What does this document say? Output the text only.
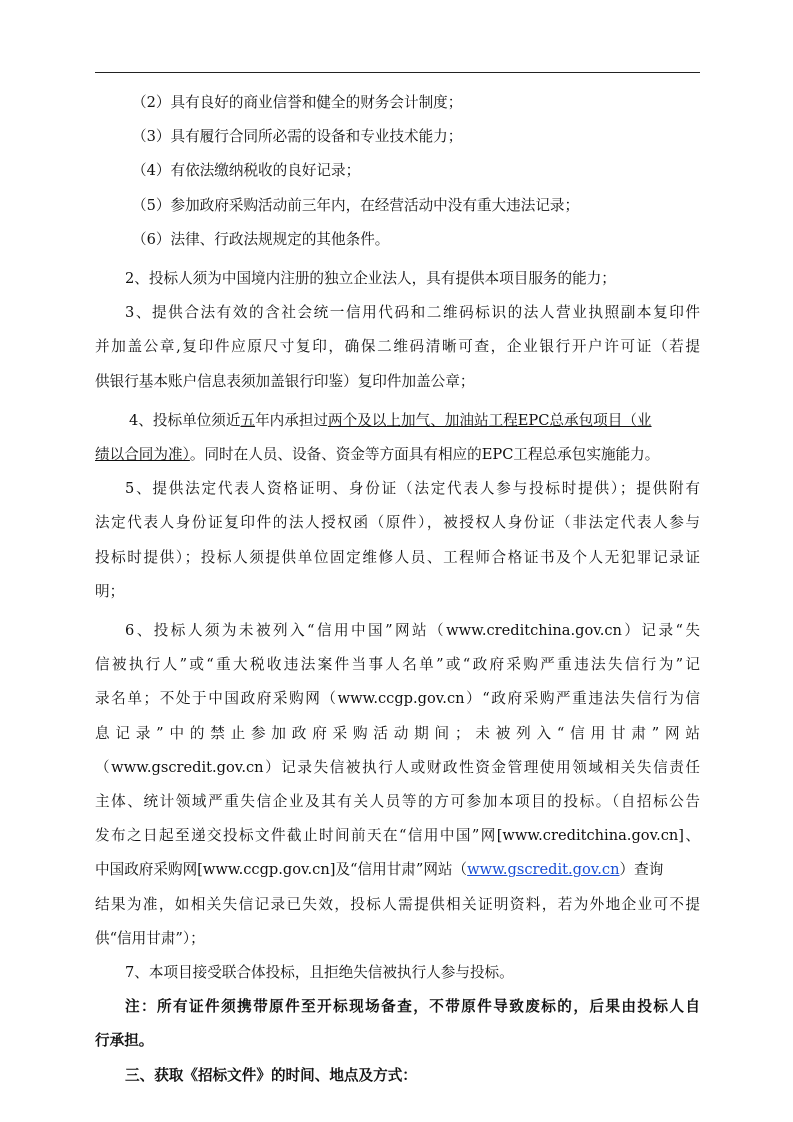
（2）具有良好的商业信誉和健全的财务会计制度；
（3）具有履行合同所必需的设备和专业技术能力；
（4）有依法缴纳税收的良好记录；
（5）参加政府采购活动前三年内，在经营活动中没有重大违法记录；
（6）法律、行政法规规定的其他条件。
2、投标人须为中国境内注册的独立企业法人，具有提供本项目服务的能力；
3、提供合法有效的含社会统一信用代码和二维码标识的法人营业执照副本复印件
并加盖公章,复印件应原尺寸复印，确保二维码清晰可查，企业银行开户许可证（若提
供银行基本账户信息表须加盖银行印鉴）复印件加盖公章；
4、投标单位须近五年内承担过两个及以上加气、加油站工程EPC总承包项目（业
绩以合同为准）。同时在人员、设备、资金等方面具有相应的EPC工程总承包实施能力。
5、提供法定代表人资格证明、身份证（法定代表人参与投标时提供）；提供附有
法定代表人身份证复印件的法人授权函（原件），被授权人身份证（非法定代表人参与
投标时提供）；投标人须提供单位固定维修人员、工程师合格证书及个人无犯罪记录证
明；
6、投标人须为未被列入“信用中国”网站（www.creditchina.gov.cn）记录“失
信被执行人”或“重大税收违法案件当事人名单”或“政府采购严重违法失信行为”记
录名单；不处于中国政府采购网（www.ccgp.gov.cn）“政府采购严重违法失信行为信
息记录”中的禁止参加政府采购活动期间；未被列入“信用甘肃”网站
（www.gscredit.gov.cn）记录失信被执行人或财政性资金管理使用领域相关失信责任
主体、统计领域严重失信企业及其有关人员等的方可参加本项目的投标。（自招标公告
发布之日起至递交投标文件截止时间前天在“信用中国”网[www.creditchina.gov.cn]、
中国政府采购网[www.ccgp.gov.cn]及“信用甘肃”网站（www.gscredit.gov.cn）查询
结果为准，如相关失信记录已失效，投标人需提供相关证明资料，若为外地企业可不提
供“信用甘肃”）；
7、本项目接受联合体投标，且拒绝失信被执行人参与投标。
注：所有证件须携带原件至开标现场备查，不带原件导致废标的，后果由投标人自
行承担。
三、获取《招标文件》的时间、地点及方式：
